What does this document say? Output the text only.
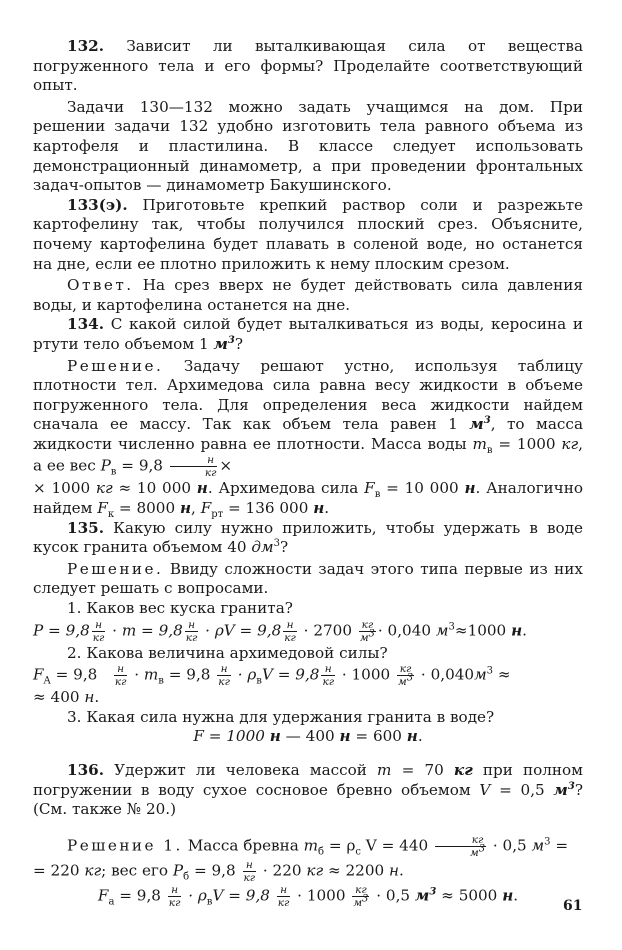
132. Зависит ли выталкивающая сила от вещества погруженного тела и его формы? Проделайте соответствующий опыт.

Задачи 130—132 можно задать учащимся на дом. При решении задачи 132 удобно изготовить тела равного объема из картофеля и пластилина. В классе следует использовать демонстрационный динамометр, а при проведении фронтальных задач-опытов — динамометр Бакушинского.

133(э). Приготовьте крепкий раствор соли и разрежьте картофелину так, чтобы получился плоский срез. Объясните, почему картофелина будет плавать в соленой воде, но останется на дне, если ее плотно приложить к нему плоским срезом.

Ответ. На срез вверх не будет действовать сила давления воды, и картофелина останется на дне.

134. С какой силой будет выталкиваться из воды, керосина и ртути тело объемом 1 $м^3$?

Решение. Задачу решают устно, используя таблицу плотности тел. Архимедова сила равна весу жидкости в объеме погруженного тела. Для определения веса жидкости найдем сначала ее массу. Так как объем тела равен 1 $м^3$, то масса жидкости численно равна ее плотности. Масса воды $m_в = 1000$ кг, а ее вес $P_в = 9,8$	н
кг ×

× 1000 кг ≈ 10 000 н. Архимедова сила $F_в = 10$ 000 н. Аналогично найдем $F_к = 8000$ н, $F_{рт} = 136$ 000 н.

135. Какую силу нужно приложить, чтобы удержать в воде кусок гранита объемом 40 $дм^3$?

Решение. Ввиду сложности задач этого типа первые из них следует решать с вопросами.

1. Каков вес куска гранита?

P = 9,8 н
кг · m = 9,8 н
кг · ρV = 9,8 н
кг · 2700 кг
$м^3 \cdot 0,040$ $м^3\approx 1000$ н.

2. Какова величина архимедовой силы?

$F_A = 9,8$	н
кг · $m_в = 9,8$ н
кг · $\rho_вV = 9,8$ н
кг · 1000 кг
$м^3 \cdot 0,040м^3$ ≈

≈ 400 н.

3. Какая сила нужна для удержания гранита в воде?

F = 1000 н — 400 н = 600 н.

136. Удержит ли человека массой m = 70 кг при полном погружении в воду сухое сосновое бревно объемом V = 0,5 $м^3$? (См. также № 20.)

Решение 1. Масса бревна $m_б = \rho_с$ V = 440	кг
$м^3 \cdot 0,5$ $м^3$ =

= 220 кг; вес его $P_б = 9,8$ н
кг · 220 кг ≈ 2200 н.

$F_a = 9,8$ н
кг · $\rho_вV = 9,8$ н
кг · 1000 кг
$м^3 \cdot 0,5$ $м^3 \approx 5000$ н.

61
